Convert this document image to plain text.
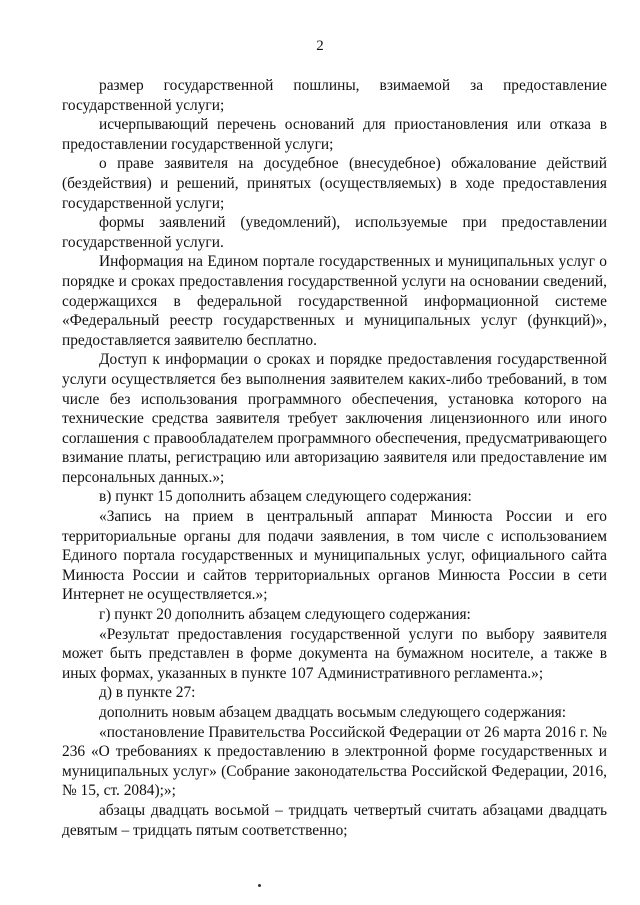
2

размер государственной пошлины, взимаемой за предоставление государственной услуги;

исчерпывающий перечень оснований для приостановления или отказа в предоставлении государственной услуги;

о праве заявителя на досудебное (внесудебное) обжалование действий (бездействия) и решений, принятых (осуществляемых) в ходе предоставления государственной услуги;

формы заявлений (уведомлений), используемые при предоставлении государственной услуги.

Информация на Едином портале государственных и муниципальных услуг о порядке и сроках предоставления государственной услуги на основании сведений, содержащихся в федеральной государственной информационной системе «Федеральный реестр государственных и муниципальных услуг (функций)», предоставляется заявителю бесплатно.

Доступ к информации о сроках и порядке предоставления государственной услуги осуществляется без выполнения заявителем каких-либо требований, в том числе без использования программного обеспечения, установка которого на технические средства заявителя требует заключения лицензионного или иного соглашения с правообладателем программного обеспечения, предусматривающего взимание платы, регистрацию или авторизацию заявителя или предоставление им персональных данных.»;

в) пункт 15 дополнить абзацем следующего содержания:

«Запись на прием в центральный аппарат Минюста России и его территориальные органы для подачи заявления, в том числе с использованием Единого портала государственных и муниципальных услуг, официального сайта Минюста России и сайтов территориальных органов Минюста России в сети Интернет не осуществляется.»;

г) пункт 20 дополнить абзацем следующего содержания:

«Результат предоставления государственной услуги по выбору заявителя может быть представлен в форме документа на бумажном носителе, а также в иных формах, указанных в пункте 107 Административного регламента.»;

д) в пункте 27:

дополнить новым абзацем двадцать восьмым следующего содержания:

«постановление Правительства Российской Федерации от 26 марта 2016 г. № 236 «О требованиях к предоставлению в электронной форме государственных и муниципальных услуг» (Собрание законодательства Российской Федерации, 2016, № 15, ст. 2084);»;

абзацы двадцать восьмой – тридцать четвертый считать абзацами двадцать девятым – тридцать пятым соответственно;
